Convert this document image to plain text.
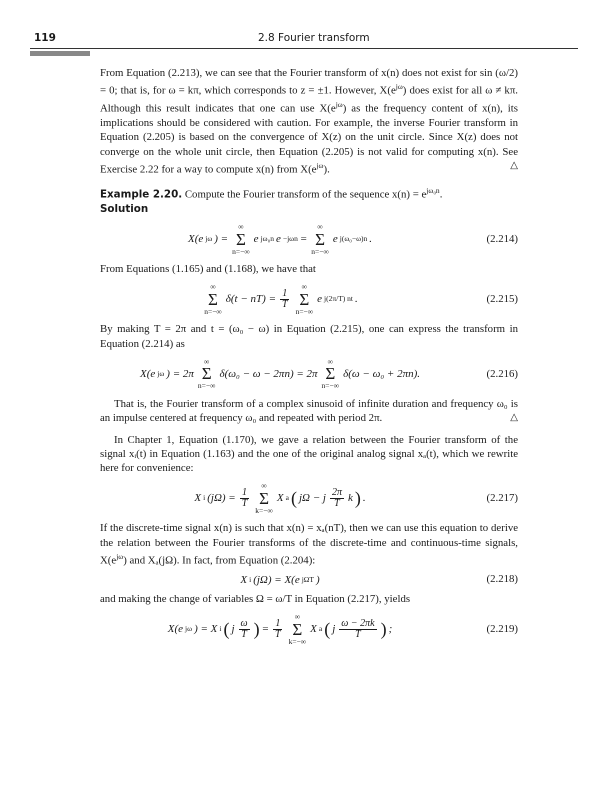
119	2.8 Fourier transform

From Equation (2.213), we can see that the Fourier transform of x(n) does not exist for sin (ω/2) = 0; that is, for ω = kπ, which corresponds to z = ±1. However, $X(e^{j\omega})$ does exist for all ω ≠ kπ. Although this result indicates that one can use $X(e^{j\omega})$ as the frequency content of x(n), its implications should be considered with caution. For example, the inverse Fourier transform in Equation (2.205) is based on the convergence of X(z) on the unit circle. Since X(z) does not converge on the whole unit circle, then Equation (2.205) is not valid for computing x(n). See Exercise 2.22 for a way to compute x(n) from $X(e^{j\omega})$.	△

Example 2.20. Compute the Fourier transform of the sequence $x(n) = e^{j\omega_0n}$.

Solution

X(e jω ) =
∞
Σ
n=−∞
e jω₀n e −jωn =
∞
Σ
n=−∞
e j(ω₀−ω)n .	(2.214)

From Equations (1.165) and (1.168), we have that

∞
Σ
n=−∞
$\delta(t - nT) = \frac{1}{T}$
∞
Σ
n=−∞
e j(2π/T) nt .	(2.215)

By making T = 2π and t = (ω₀ − ω) in Equation (2.215), one can express the transform in Equation (2.214) as

X(e jω ) = 2π
∞
Σ
n=−∞
δ(ω₀ − ω − 2πn) = 2π
∞
Σ
n=−∞
δ(ω − ω₀ + 2πn).	(2.216)

That is, the Fourier transform of a complex sinusoid of infinite duration and frequency ω₀ is an impulse centered at frequency ω₀ and repeated with period 2π.	△

In Chapter 1, Equation (1.170), we gave a relation between the Fourier transform of the signal xᵢ(t) in Equation (1.163) and the one of the original analog signal xₐ(t), which we rewrite here for convenience:

X i $(j\Omega) = \frac{1}{T}$
∞
Σ
k=−∞
X a ( jΩ − j $\frac{2\pi}{T}$ k ) .	(2.217)

If the discrete-time signal x(n) is such that x(n) = xₐ(nT), then we can use this equation to derive the relation between the Fourier transforms of the discrete-time and continuous-time signals, $X(e^{j\omega})$ and Xₐ(jΩ). In fact, from Equation (2.204):

X i (jΩ) = X(e jΩT )	(2.218)

and making the change of variables Ω = ω/T in Equation (2.217), yields

X(e jω ) = X i ( j $\frac{\omega}{T}$ ) = $\frac{1}{T}$
∞
Σ
k=−∞
X a ( j $\frac{\omega - 2\pi k}{T}$ ) ;	(2.219)
